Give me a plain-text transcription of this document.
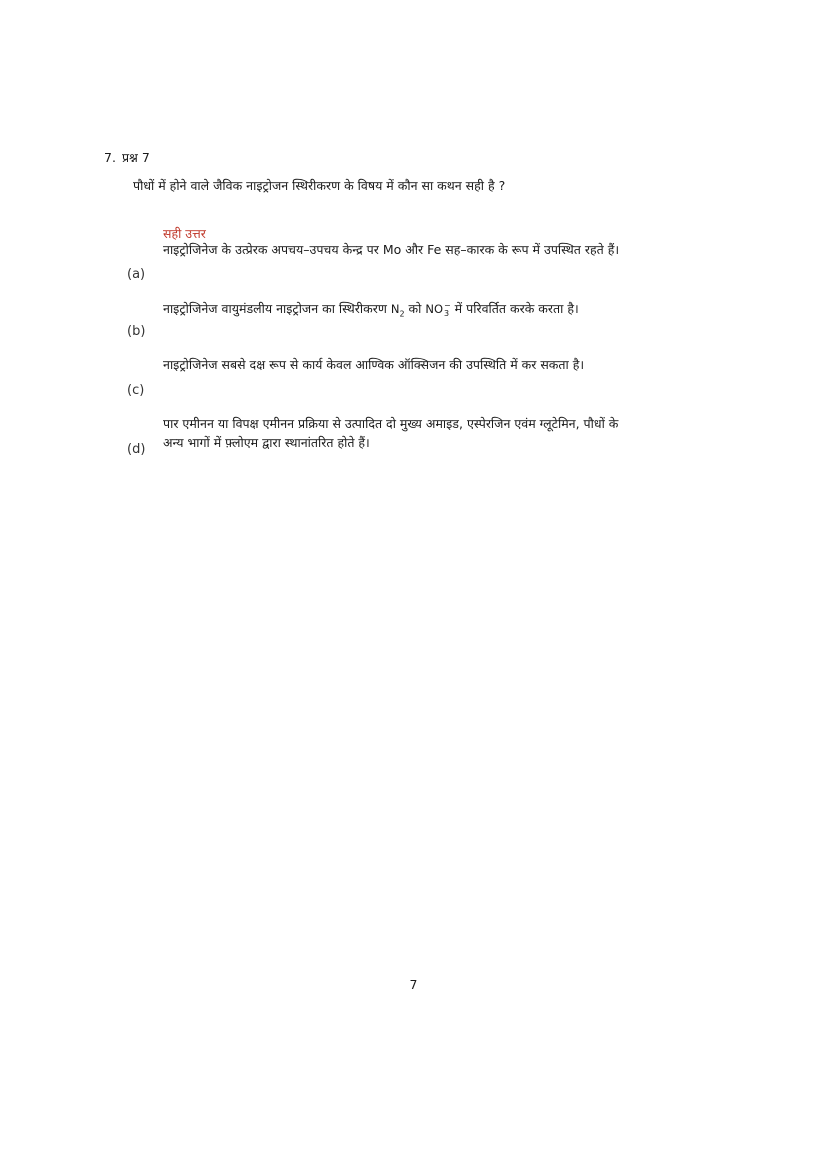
7. प्रश्न 7
पौधों में होने वाले जैविक नाइट्रोजन स्थिरीकरण के विषय में कौन सा कथन सही है ?
सही उत्तर
नाइट्रोजिनेज के उत्प्रेरक अपचय–उपचय केन्द्र पर Mo और Fe सह–कारक के रूप में उपस्थित रहते हैं।
(a)
नाइट्रोजिनेज वायुमंडलीय नाइट्रोजन का स्थिरीकरण $N_2$ को NO −
3 में परिवर्तित करके करता है।
(b)
नाइट्रोजिनेज सबसे दक्ष रूप से कार्य केवल आण्विक ऑक्सिजन की उपस्थिति में कर सकता है।
(c)
पार एमीनन या विपक्ष एमीनन प्रक्रिया से उत्पादित दो मुख्य अमाइड, एस्पेरजिन एवंम ग्लूटेमिन, पौधों के अन्य भागों में फ़्लोएम द्वारा स्थानांतरित होते हैं।
(d)
7
